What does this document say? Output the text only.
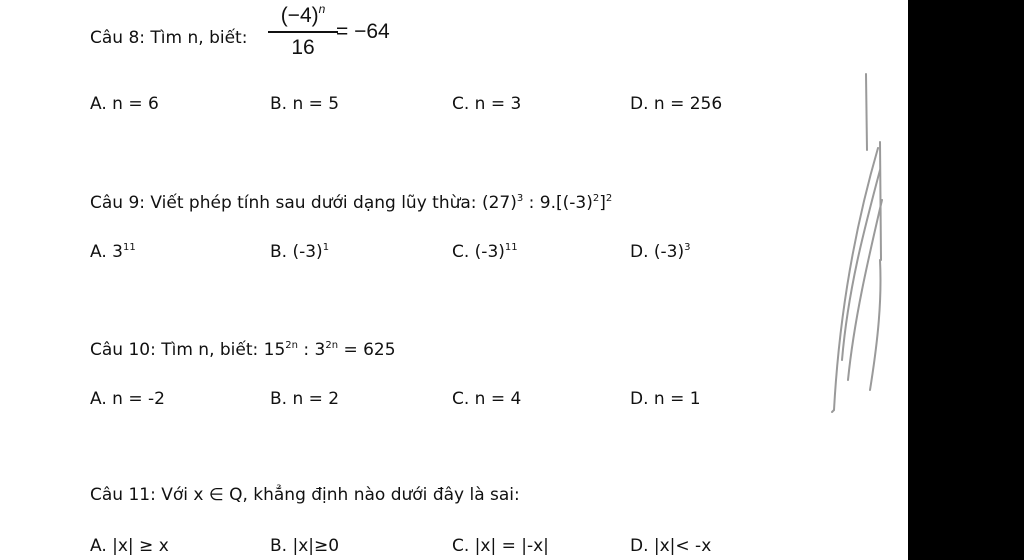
Câu 8: Tìm n, biết:
$(-4)^n$
16
= −64
A. n = 6	B. n = 5	C. n = 3	D. n = 256
Câu 9: Viết phép tính sau dưới dạng lũy thừa: $(27)^3$ : $9.[(-3)^2]^2$
A. $3^{11}$	B. $(-3)^1$	C. $(-3)^{11}$	D. $(-3)^3$
Câu 10: Tìm n, biết: $15^{2n}$ : $3^{2n} = 625$
A. n = -2	B. n = 2	C. n = 4	D. n = 1
Câu 11: Với x ∈ Q, khẳng định nào dưới đây là sai:
A. |x| ≥ x	B. |x|≥0	C. |x| = |-x|	D. |x|< -x
